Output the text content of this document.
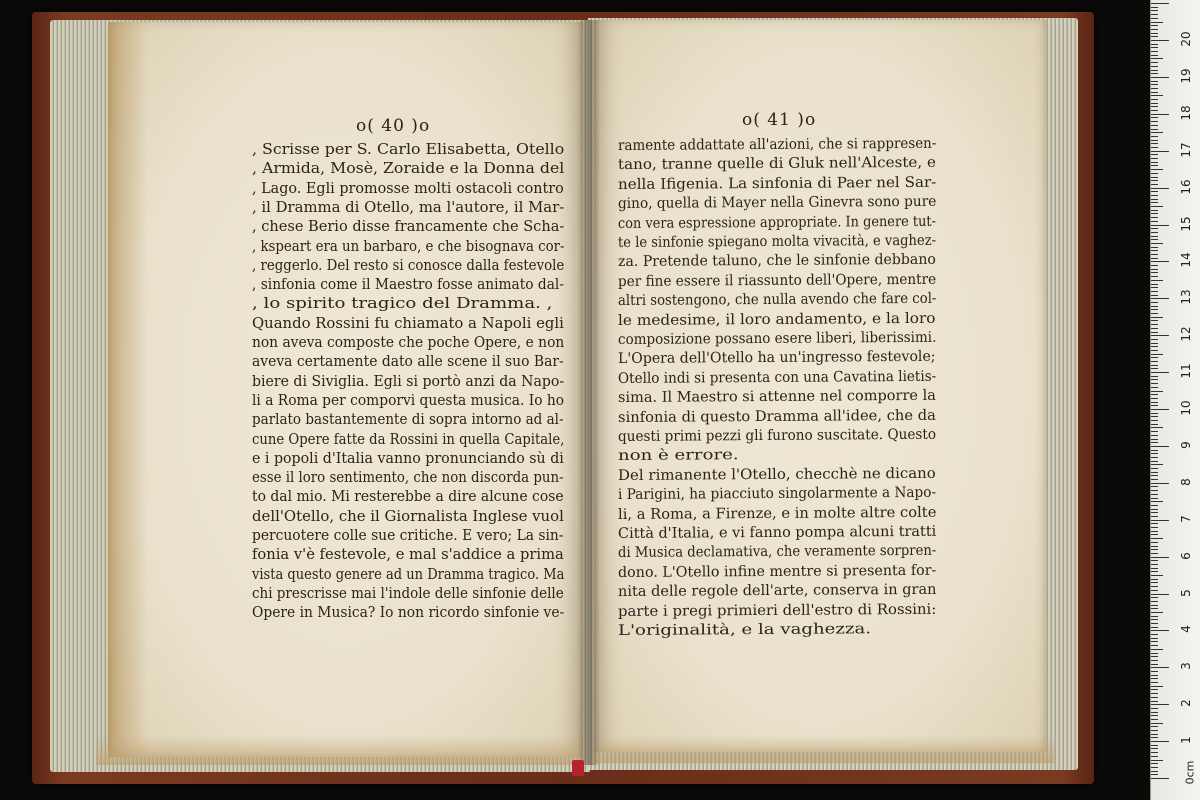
o( 40 )o	o( 41 )o
, Scrisse per S. Carlo Elisabetta, Otello
, Armida, Mosè, Zoraide e la Donna del
, Lago. Egli promosse molti ostacoli contro
, il Dramma di Otello, ma l'autore, il Mar-
, chese Berio disse francamente che Scha-
, kspeart era un barbaro, e che bisognava cor-
, reggerlo. Del resto si conosce dalla festevole
, sinfonia come il Maestro fosse animato dal-
, lo spirito tragico del Dramma. ,
Quando Rossini fu chiamato a Napoli egli
non aveva composte che poche Opere, e non
aveva certamente dato alle scene il suo Bar-
biere di Siviglia. Egli si portò anzi da Napo-
li a Roma per comporvi questa musica. Io ho
parlato bastantemente di sopra intorno ad al-
cune Opere fatte da Rossini in quella Capitale,
e i popoli d'Italia vanno pronunciando sù di
esse il loro sentimento, che non discorda pun-
to dal mio. Mi resterebbe a dire alcune cose
dell'Otello, che il Giornalista Inglese vuol
percuotere colle sue critiche. E vero; La sin-
fonia v'è festevole, e mal s'addice a prima
vista questo genere ad un Dramma tragico. Ma
chi prescrisse mai l'indole delle sinfonie delle
Opere in Musica? Io non ricordo sinfonie ve-
ramente addattate all'azioni, che si rappresen-
tano, tranne quelle di Gluk nell'Alceste, e
nella Ifigenia. La sinfonia di Paer nel Sar-
gino, quella di Mayer nella Ginevra sono pure
con vera espressione appropriate. In genere tut-
te le sinfonie spiegano molta vivacità, e vaghez-
za. Pretende taluno, che le sinfonie debbano
per fine essere il riassunto dell'Opere, mentre
altri sostengono, che nulla avendo che fare col-
le medesime, il loro andamento, e la loro
composizione possano esere liberi, liberissimi.
L'Opera dell'Otello ha un'ingresso festevole;
Otello indi si presenta con una Cavatina lietis-
sima. Il Maestro si attenne nel comporre la
sinfonia di questo Dramma all'idee, che da
questi primi pezzi gli furono suscitate. Questo
non è errore.
Del rimanente l'Otello, checchè ne dicano
i Parigini, ha piacciuto singolarmente a Napo-
li, a Roma, a Firenze, e in molte altre colte
Città d'Italia, e vi fanno pompa alcuni tratti
di Musica declamativa, che veramente sorpren-
dono. L'Otello infine mentre si presenta for-
nita delle regole dell'arte, conserva in gran
parte i pregi primieri dell'estro di Rossini:
L'originalità, e la vaghezza.
0cm
1
2
3
4
5
6
7
8
9
10
11
12
13
14
15
16
17
18
19
20
